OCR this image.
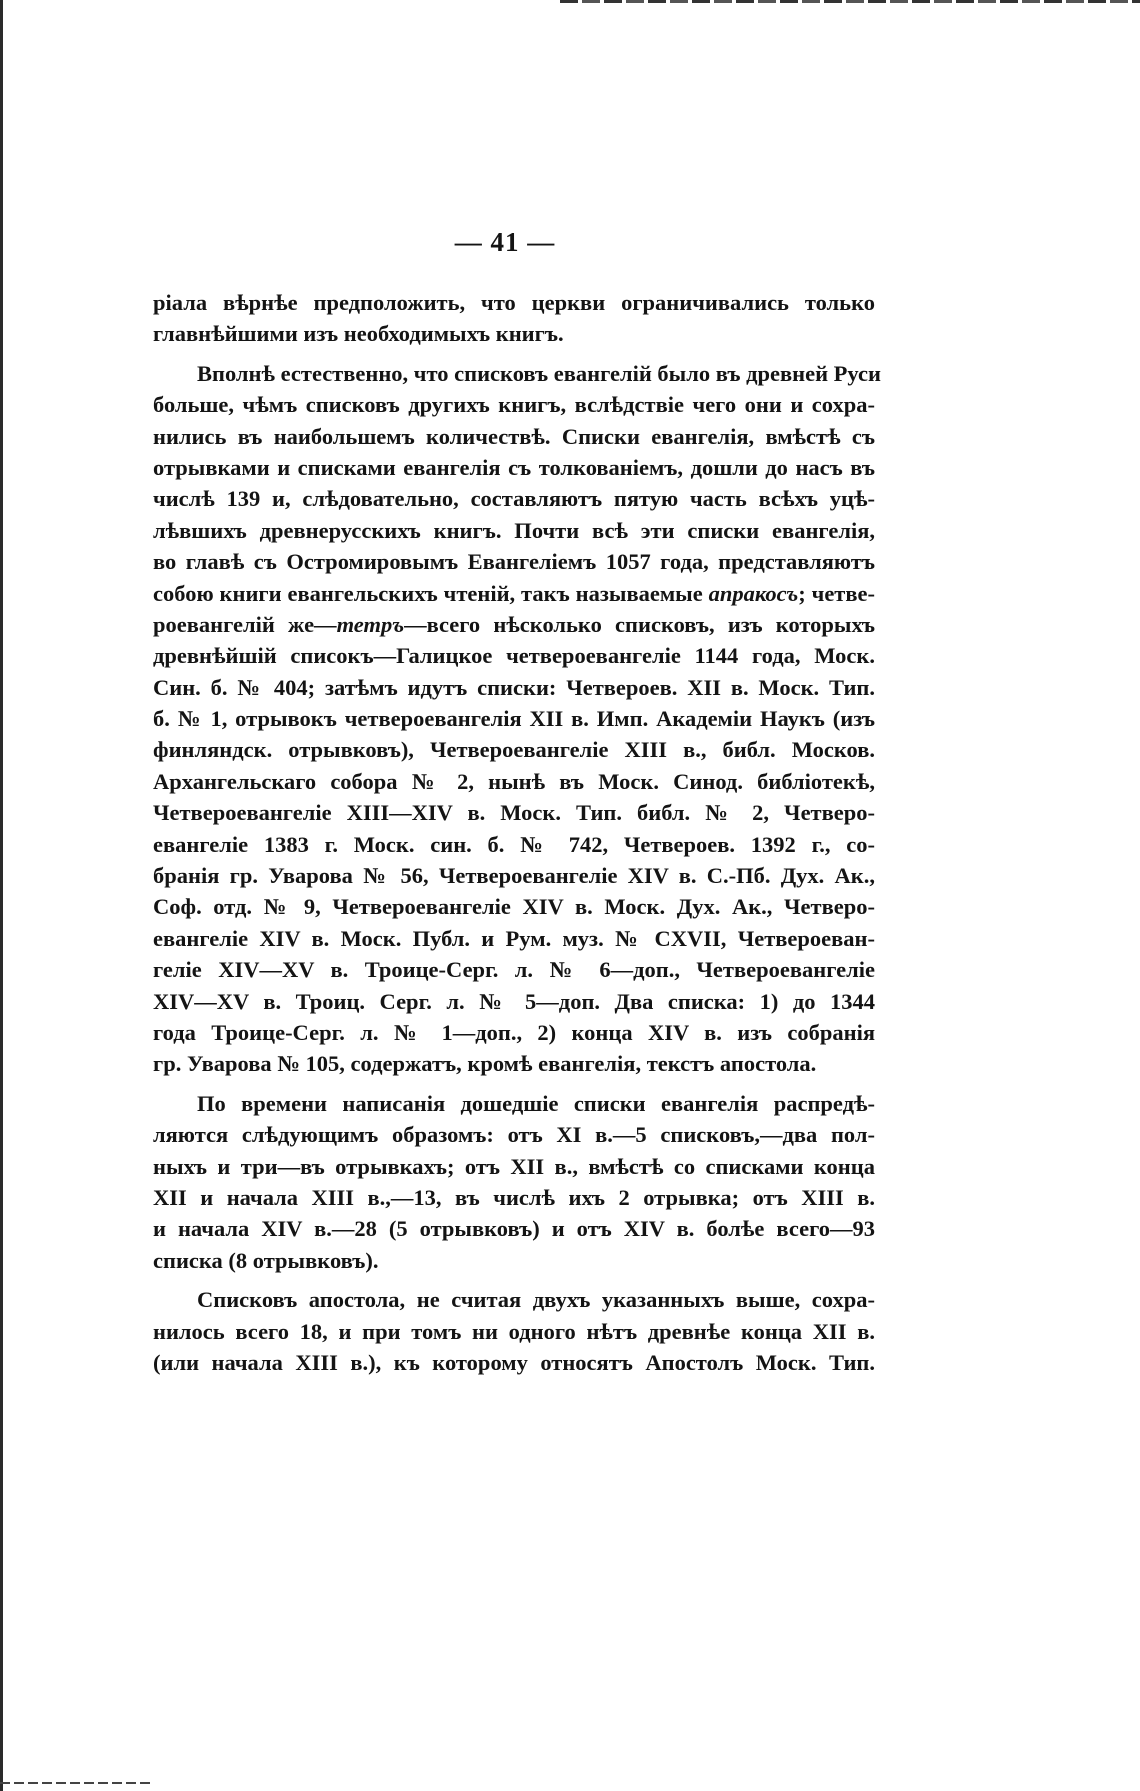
— 41 —
ріала вѣрнѣе предположить, что церкви ограничивались только
главнѣйшими изъ необходимыхъ книгъ.
Вполнѣ естественно, что списковъ евангелій было въ древней Руси
больше, чѣмъ списковъ другихъ книгъ, вслѣдствіе чего они и сохра-
нились въ наибольшемъ количествѣ. Списки евангелія, вмѣстѣ съ
отрывками и списками евангелія съ толкованіемъ, дошли до насъ въ
числѣ 139 и, слѣдовательно, составляютъ пятую часть всѣхъ уцѣ-
лѣвшихъ древнерусскихъ книгъ. Почти всѣ эти списки евангелія,
во главѣ съ Остромировымъ Евангеліемъ 1057 года, представляютъ
собою книги евангельскихъ чтеній, такъ называемые апракосъ; четве-
роевангелій же—тетръ—всего нѣсколько списковъ, изъ которыхъ
древнѣйшій списокъ—Галицкое четвероевангеліе 1144 года, Моск.
Син. б. № 404; затѣмъ идутъ списки: Четвероев. XII в. Моск. Тип.
б. № 1, отрывокъ четвероевангелія XII в. Имп. Академіи Наукъ (изъ
финляндск. отрывковъ), Четвероевангеліе XIII в., библ. Москов.
Архангельскаго собора № 2, нынѣ въ Моск. Синод. библіотекѣ,
Четвероевангеліе XIII—XIV в. Моск. Тип. библ. № 2, Четверо-
евангеліе 1383 г. Моск. син. б. № 742, Четвероев. 1392 г., со-
бранія гр. Уварова № 56, Четвероевангеліе XIV в. С.-Пб. Дух. Ак.,
Соф. отд. № 9, Четвероевангеліе XIV в. Моск. Дух. Ак., Четверо-
евангеліе XIV в. Моск. Публ. и Рум. муз. № CXVII, Четвероеван-
геліе XIV—XV в. Троице-Серг. л. № 6—доп., Четвероевангеліе
XIV—XV в. Троиц. Серг. л. № 5—доп. Два списка: 1) до 1344
года Троице-Серг. л. № 1—доп., 2) конца XIV в. изъ собранія
гр. Уварова № 105, содержатъ, кромѣ евангелія, текстъ апостола.
По времени написанія дошедшіе списки евангелія распредѣ-
ляются слѣдующимъ образомъ: отъ XI в.—5 списковъ,—два пол-
ныхъ и три—въ отрывкахъ; отъ XII в., вмѣстѣ со списками конца
XII и начала XIII в.,—13, въ числѣ ихъ 2 отрывка; отъ XIII в.
и начала XIV в.—28 (5 отрывковъ) и отъ XIV в. болѣе всего—93
списка (8 отрывковъ).
Списковъ апостола, не считая двухъ указанныхъ выше, сохра-
нилось всего 18, и при томъ ни одного нѣтъ древнѣе конца XII в.
(или начала XIII в.), къ которому относятъ Апостолъ Моск. Тип.
